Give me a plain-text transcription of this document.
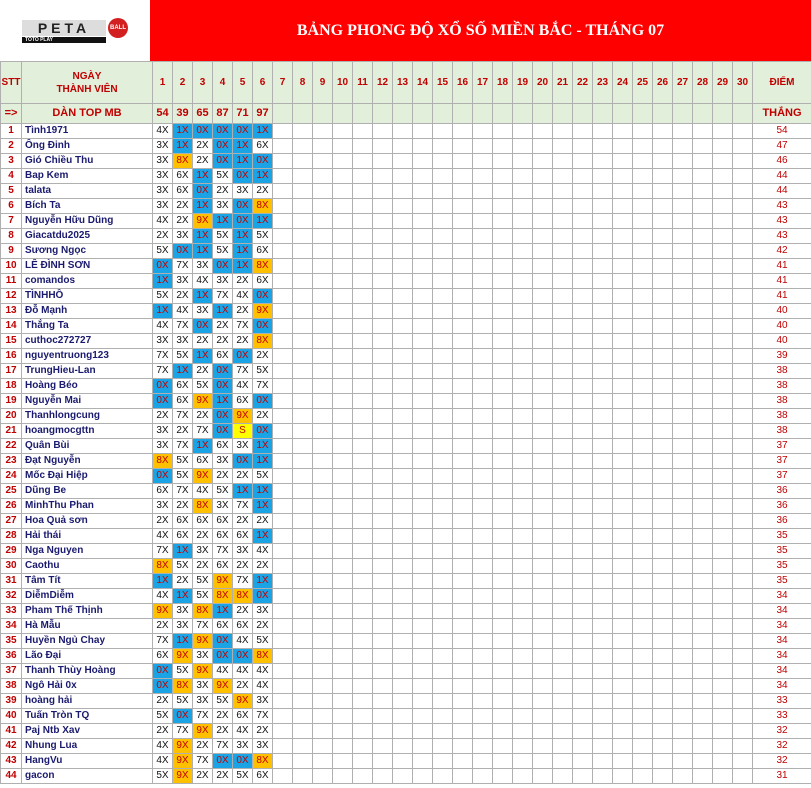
PETA	BALL
TOTO PLAY
BẢNG PHONG ĐỘ XỔ SỐ MIỀN BẮC - THÁNG 07
STT	NGÀY
THÀNH VIÊN	1	2	3	4	5	6	7	8	9	10	11	12	13	14	15	16	17	18	19	20	21	22	23	24	25	26	27	28	29	30	ĐIỂM
=>	DÀN TOP MB	54	39	65	87	71	97																									THẮNG
1	Tình1971	4X	1X	0X	0X	0X	1X																									54
2	Ông Đinh	3X	1X	2X	0X	1X	6X																									47
3	Gió Chiều Thu	3X	8X	2X	0X	1X	0X																									46
4	Bap Kem	3X	6X	1X	5X	0X	1X																									44
5	talata	3X	6X	0X	2X	3X	2X																									44
6	Bích Ta	3X	2X	1X	3X	0X	8X																									43
7	Nguyễn Hữu Dũng	4X	2X	9X	1X	0X	1X																									43
8	Giacatdu2025	2X	3X	1X	5X	1X	5X																									43
9	Sương Ngọc	5X	0X	1X	5X	1X	6X																									42
10	LÊ ĐÌNH SƠN	0X	7X	3X	0X	1X	8X																									41
11	comandos	1X	3X	4X	3X	2X	6X																									41
12	TÌNHHỒ	5X	2X	1X	7X	4X	0X																									41
13	Đỗ Mạnh	1X	4X	3X	1X	2X	9X																									40
14	Thắng Ta	4X	7X	0X	2X	7X	0X																									40
15	cuthoc272727	3X	3X	2X	2X	2X	8X																									40
16	nguyentruong123	7X	5X	1X	6X	0X	2X																									39
17	TrungHieu-Lan	7X	1X	2X	0X	7X	5X																									38
18	Hoàng Béo	0X	6X	5X	0X	4X	7X																									38
19	Nguyễn Mai	0X	6X	9X	1X	6X	0X																									38
20	Thanhlongcung	2X	7X	2X	0X	9X	2X																									38
21	hoangmocgttn	3X	2X	7X	0X	S	0X																									38
22	Quân Bùi	3X	7X	1X	6X	3X	1X																									37
23	Đạt Nguyễn	8X	5X	6X	3X	0X	1X																									37
24	Mốc Đại Hiệp	0X	5X	9X	2X	2X	5X																									37
25	Dũng Be	6X	7X	4X	5X	1X	1X																									36
26	MinhThu Phan	3X	2X	8X	3X	7X	1X																									36
27	Hoa Quả sơn	2X	6X	6X	6X	2X	2X																									36
28	Hải thái	4X	6X	2X	6X	6X	1X																									35
29	Nga Nguyen	7X	1X	3X	7X	3X	4X																									35
30	Caothu	8X	5X	2X	6X	2X	2X																									35
31	Tâm Tít	1X	2X	5X	9X	7X	1X																									35
32	DiễmDiễm	4X	1X	5X	8X	8X	0X																									34
33	Pham Thế Thịnh	9X	3X	8X	1X	2X	3X																									34
34	Hà Mẫu	2X	3X	7X	6X	6X	2X																									34
35	Huyền Ngủ Chay	7X	1X	9X	0X	4X	5X																									34
36	Lão Đại	6X	9X	3X	0X	0X	8X																									34
37	Thanh Thùy Hoàng	0X	5X	9X	4X	4X	4X																									34
38	Ngô Hải 0x	0X	8X	3X	9X	2X	4X																									34
39	hoàng hải	2X	5X	3X	5X	9X	3X																									33
40	Tuấn Tròn TQ	5X	0X	7X	2X	6X	7X																									33
41	Paj Ntb Xav	2X	7X	9X	2X	4X	2X																									32
42	Nhung Lua	4X	9X	2X	7X	3X	3X																									32
43	HangVu	4X	9X	7X	0X	0X	8X																									32
44	gacon	5X	9X	2X	2X	5X	6X																									31
